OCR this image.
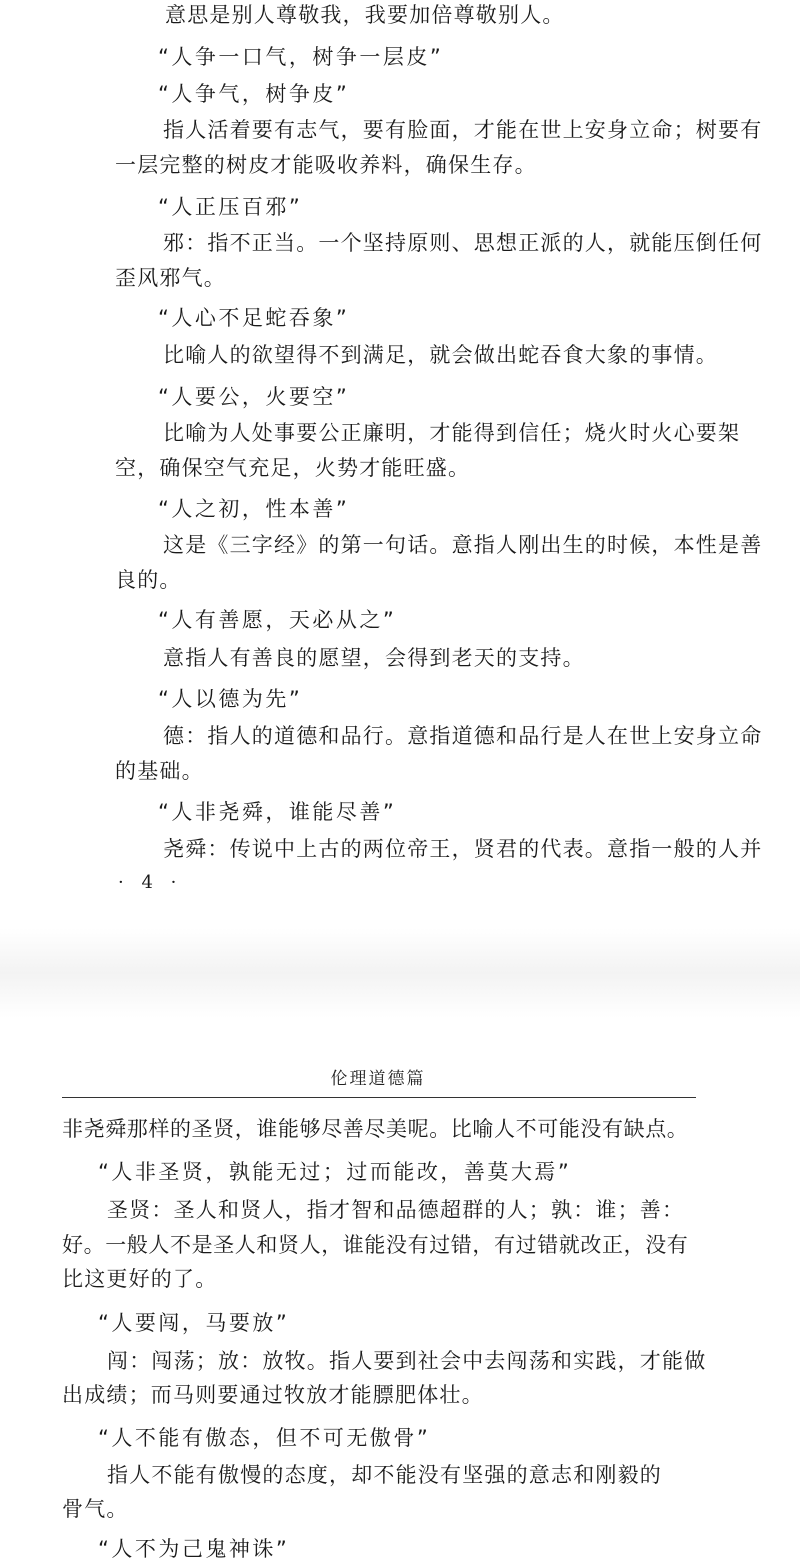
意思是别人尊敬我，我要加倍尊敬别人。
“人争一口气，树争一层皮”
“人争气，树争皮”
指人活着要有志气，要有脸面，才能在世上安身立命；树要有
一层完整的树皮才能吸收养料，确保生存。
“人正压百邪”
邪：指不正当。一个坚持原则、思想正派的人，就能压倒任何
歪风邪气。
“人心不足蛇吞象”
比喻人的欲望得不到满足，就会做出蛇吞食大象的事情。
“人要公，火要空”
比喻为人处事要公正廉明，才能得到信任；烧火时火心要架
空，确保空气充足，火势才能旺盛。
“人之初，性本善”
这是《三字经》的第一句话。意指人刚出生的时候，本性是善
良的。
“人有善愿，天必从之”
意指人有善良的愿望，会得到老天的支持。
“人以德为先”
德：指人的道德和品行。意指道德和品行是人在世上安身立命
的基础。
“人非尧舜，谁能尽善”
尧舜：传说中上古的两位帝王，贤君的代表。意指一般的人并
· 4 ·
伦理道德篇
非尧舜那样的圣贤，谁能够尽善尽美呢。比喻人不可能没有缺点。
“人非圣贤，孰能无过；过而能改，善莫大焉”
圣贤：圣人和贤人，指才智和品德超群的人；孰：谁；善：
好。一般人不是圣人和贤人，谁能没有过错，有过错就改正，没有
比这更好的了。
“人要闯，马要放”
闯：闯荡；放：放牧。指人要到社会中去闯荡和实践，才能做
出成绩；而马则要通过牧放才能膘肥体壮。
“人不能有傲态，但不可无傲骨”
指人不能有傲慢的态度，却不能没有坚强的意志和刚毅的
骨气。
“人不为己鬼神诛”
